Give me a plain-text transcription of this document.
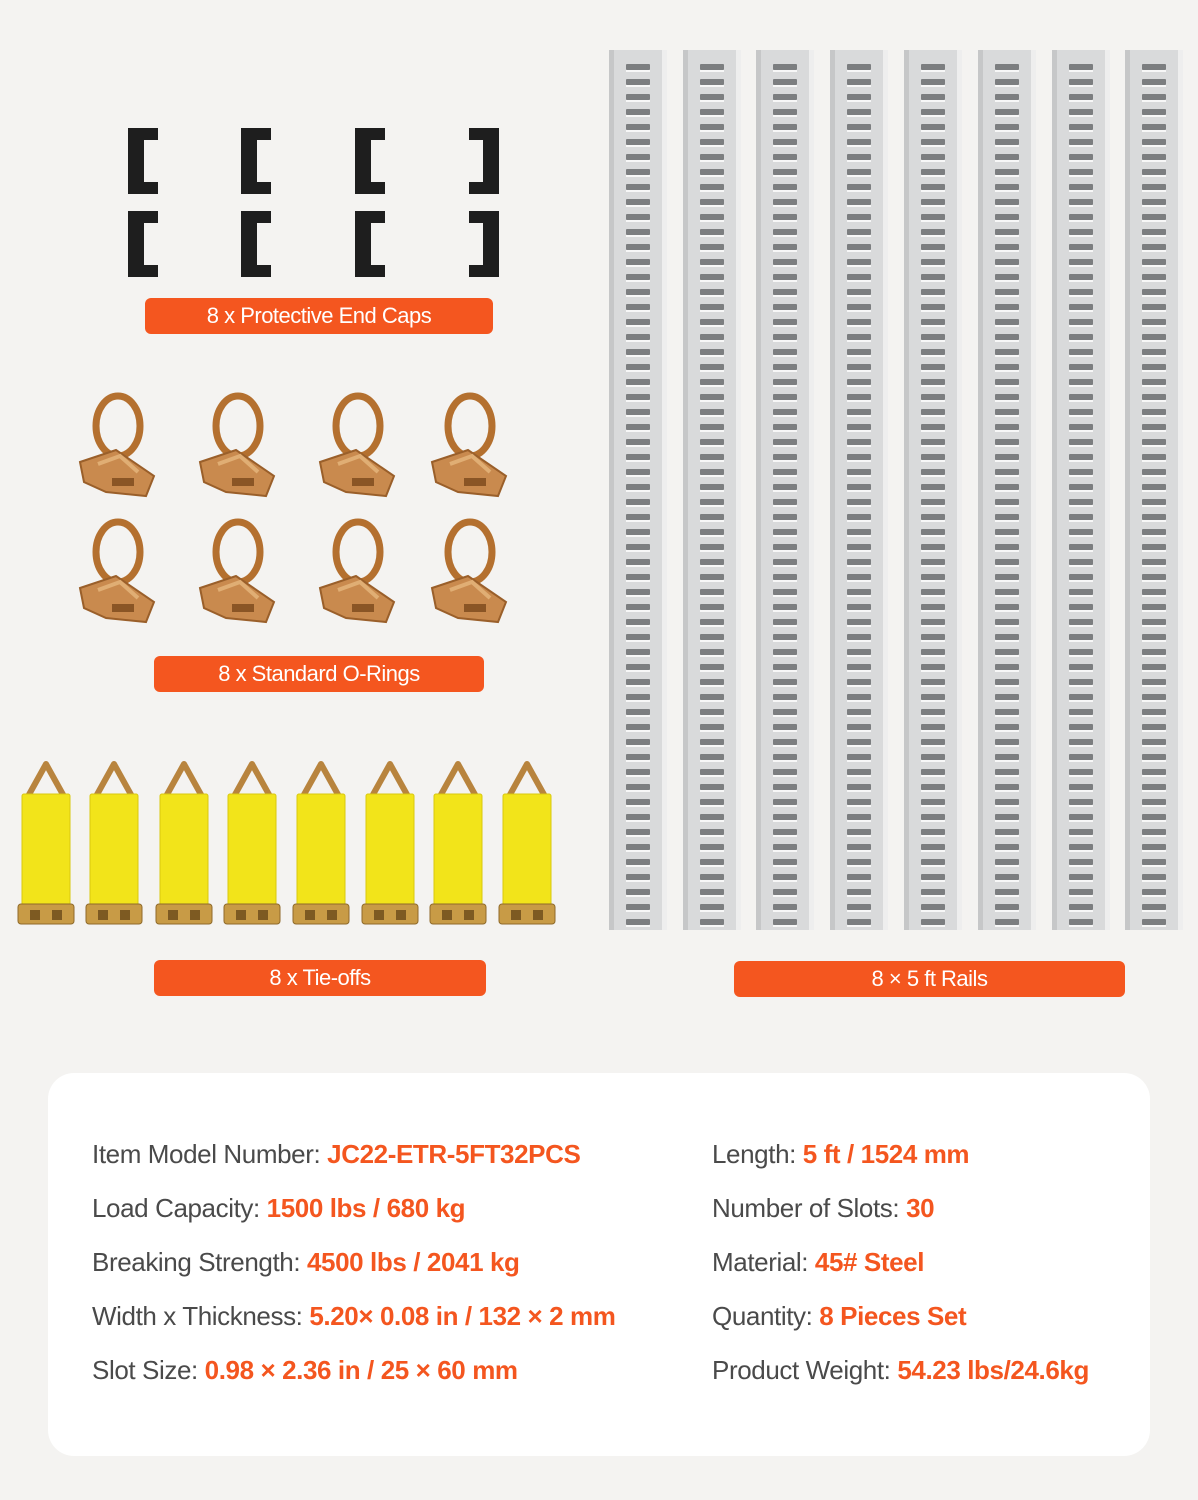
8 x Protective End Caps
8 x Standard O-Rings
8 x Tie-offs	8 × 5 ft Rails
Item Model Number: JC22-ETR-5FT32PCS
Load Capacity: 1500 lbs / 680 kg
Breaking Strength: 4500 lbs / 2041 kg
Width x Thickness: 5.20× 0.08 in / 132 × 2 mm
Slot Size: 0.98 × 2.36 in / 25 × 60 mm
Length: 5 ft / 1524 mm
Number of Slots: 30
Material: 45# Steel
Quantity: 8 Pieces Set
Product Weight: 54.23 lbs/24.6kg
